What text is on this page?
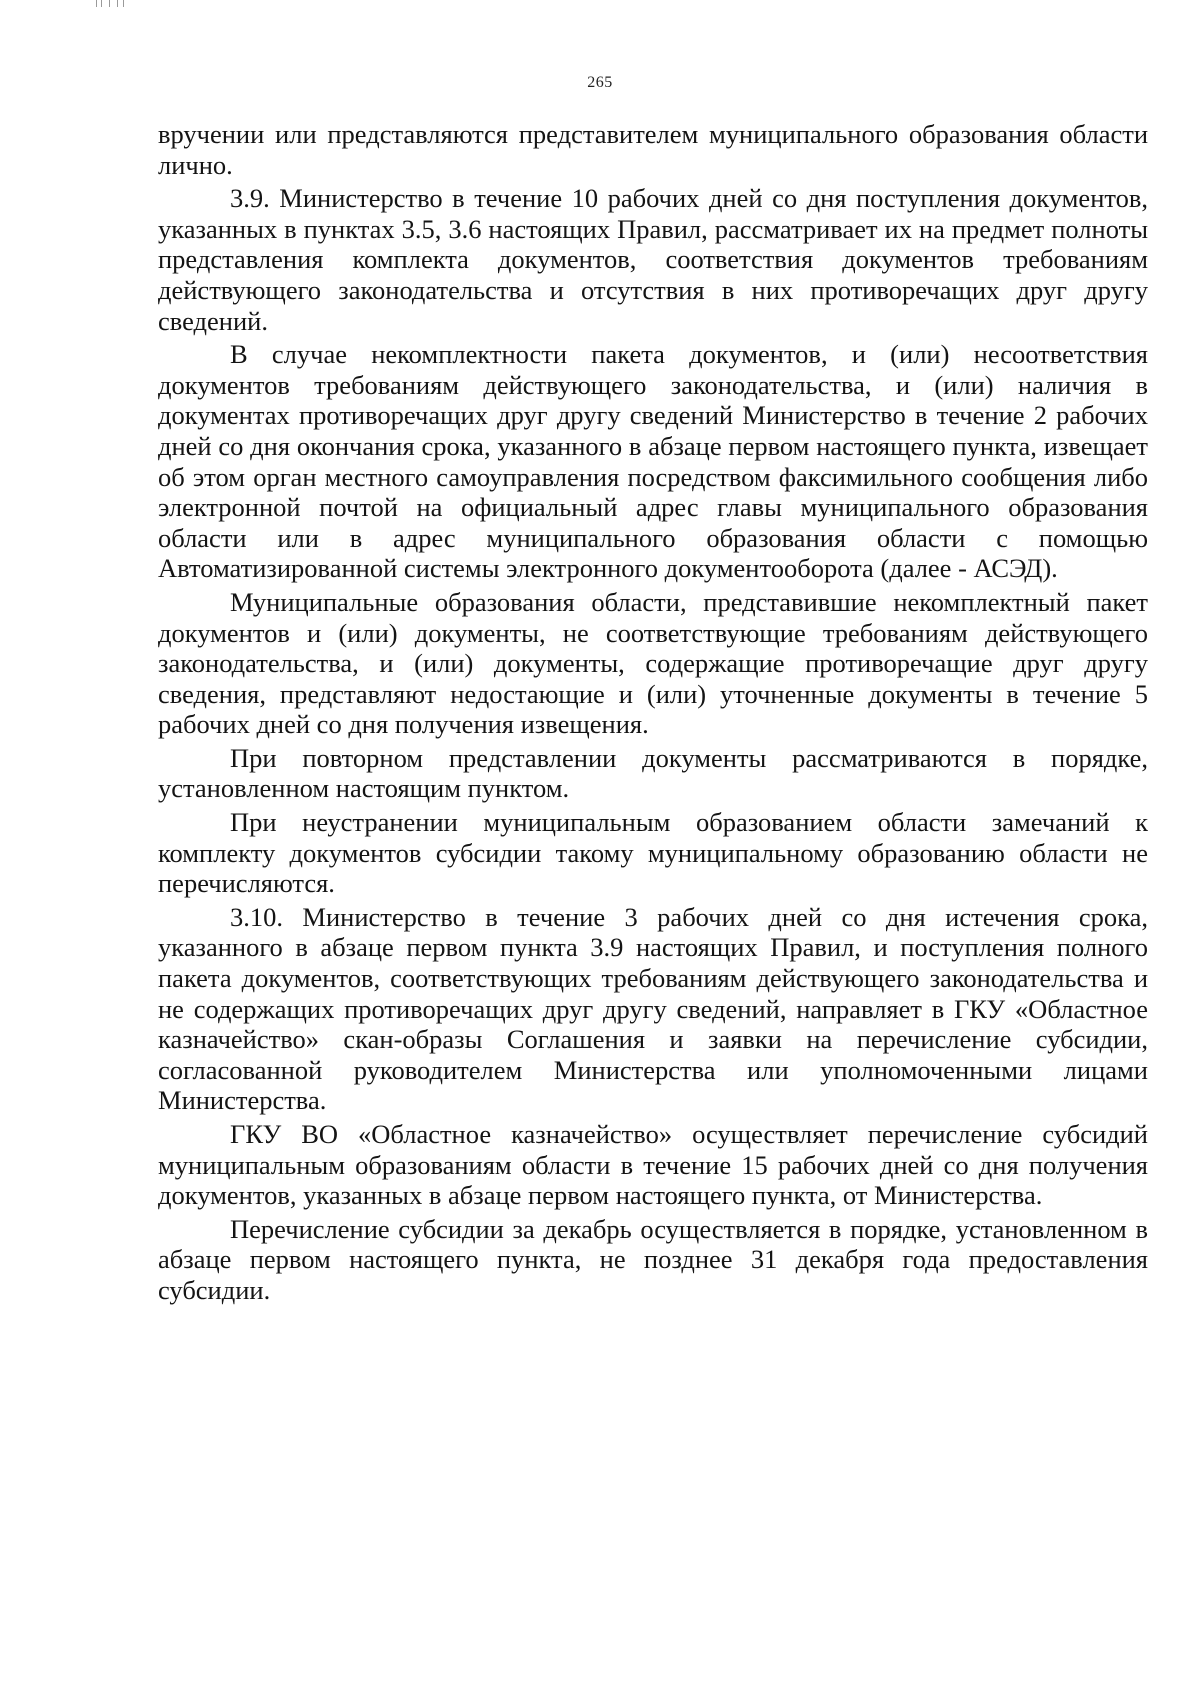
265

вручении или представляются представителем муниципального образования области лично.

3.9. Министерство в течение 10 рабочих дней со дня поступления документов, указанных в пунктах 3.5, 3.6 настоящих Правил, рассматривает их на предмет полноты представления комплекта документов, соответствия документов требованиям действующего законодательства и отсутствия в них противоречащих друг другу сведений.

В случае некомплектности пакета документов, и (или) несоответствия документов требованиям действующего законодательства, и (или) наличия в документах противоречащих друг другу сведений Министерство в течение 2 рабочих дней со дня окончания срока, указанного в абзаце первом настоящего пункта, извещает об этом орган местного самоуправления посредством факсимильного сообщения либо электронной почтой на официальный адрес главы муниципального образования области или в адрес муниципального образования области с помощью Автоматизированной системы электронного документооборота (далее - АСЭД).

Муниципальные образования области, представившие некомплектный пакет документов и (или) документы, не соответствующие требованиям действующего законодательства, и (или) документы, содержащие противоречащие друг другу сведения, представляют недостающие и (или) уточненные документы в течение 5 рабочих дней со дня получения извещения.

При повторном представлении документы рассматриваются в порядке, установленном настоящим пунктом.

При неустранении муниципальным образованием области замечаний к комплекту документов субсидии такому муниципальному образованию области не перечисляются.

3.10. Министерство в течение 3 рабочих дней со дня истечения срока, указанного в абзаце первом пункта 3.9 настоящих Правил, и поступления полного пакета документов, соответствующих требованиям действующего законодательства и не содержащих противоречащих друг другу сведений, направляет в ГКУ «Областное казначейство» скан-образы Соглашения и заявки на перечисление субсидии, согласованной руководителем Министерства или уполномоченными лицами Министерства.

ГКУ ВО «Областное казначейство» осуществляет перечисление субсидий муниципальным образованиям области в течение 15 рабочих дней со дня получения документов, указанных в абзаце первом настоящего пункта, от Министерства.

Перечисление субсидии за декабрь осуществляется в порядке, установленном в абзаце первом настоящего пункта, не позднее 31 декабря года предоставления субсидии.
